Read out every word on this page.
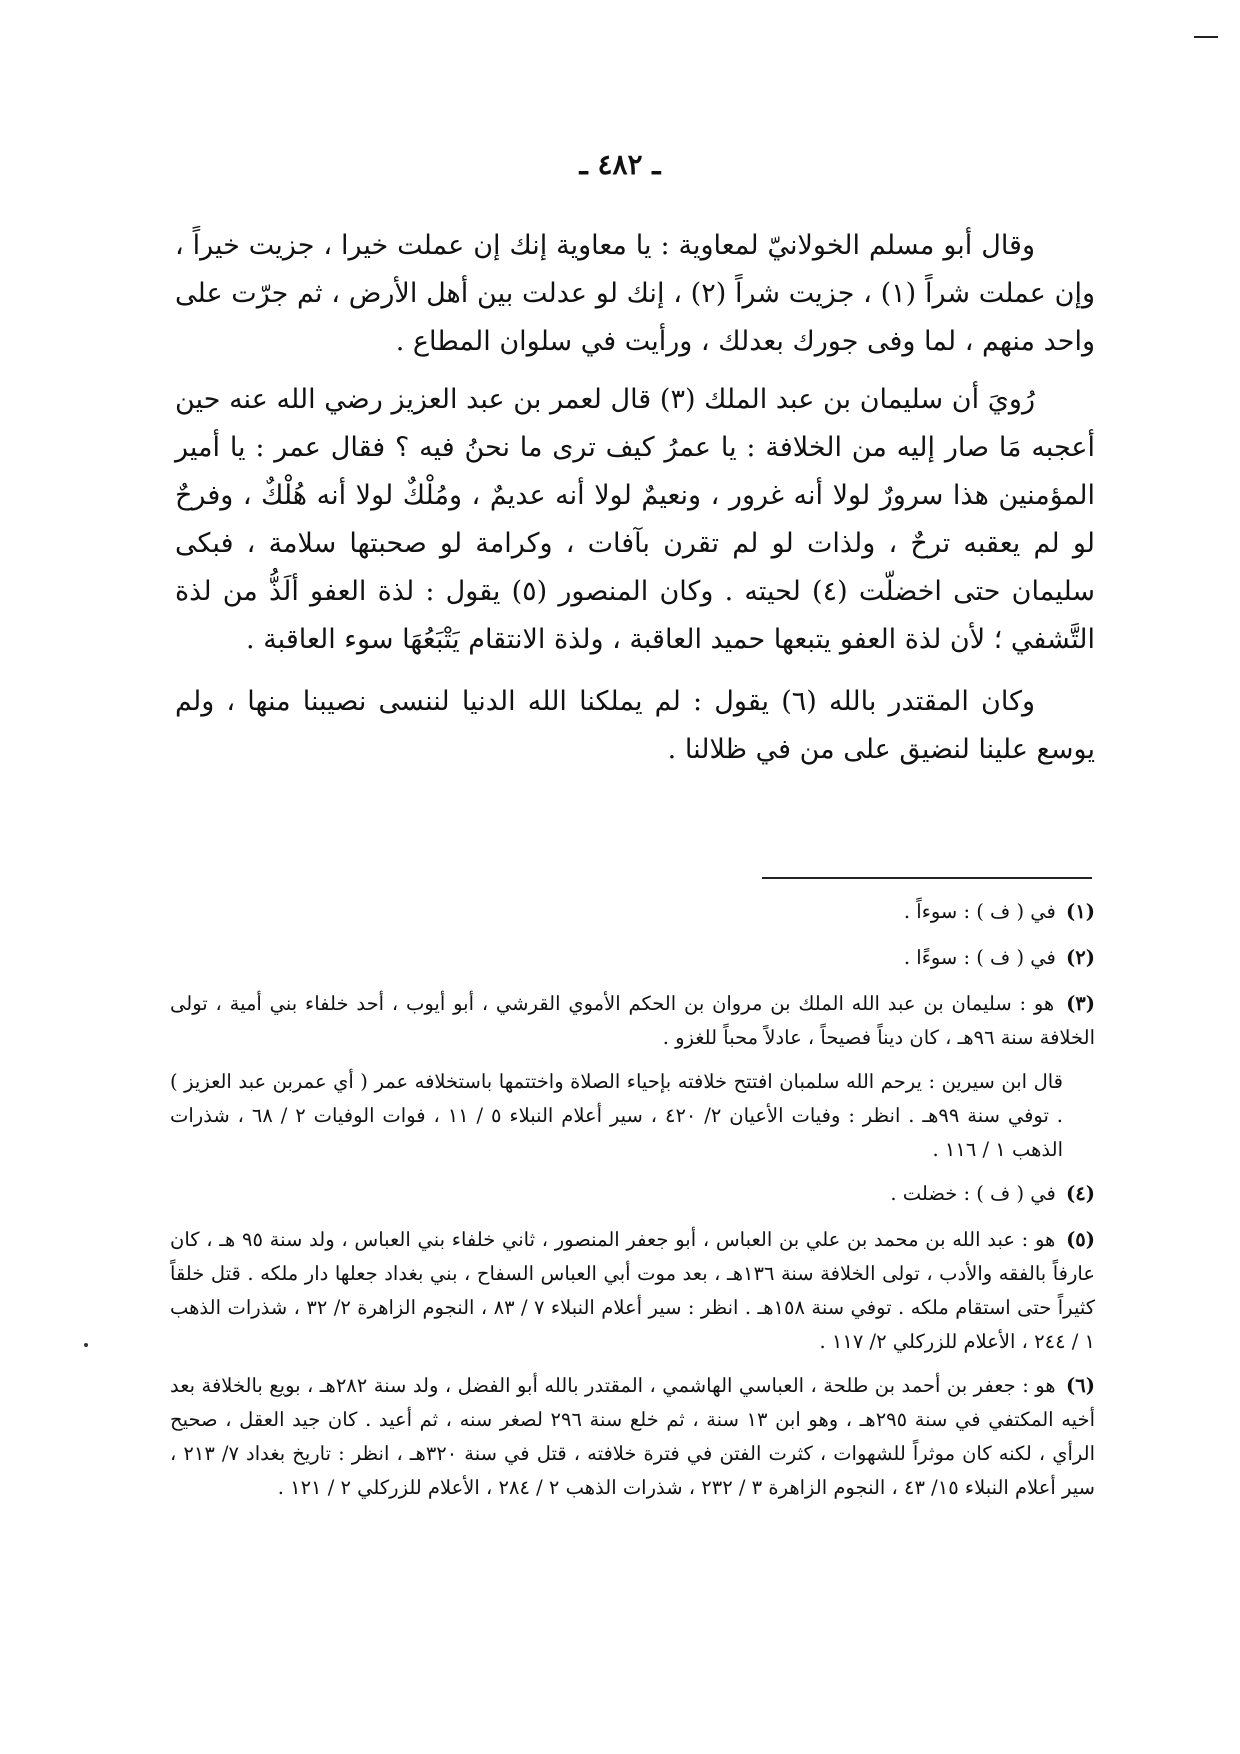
ـ ٤٨٢ ـ

وقال أبو مسلم الخولانيّ لمعاوية : يا معاوية إنك إن عملت خيرا ، جزيت خيراً ، وإن عملت شراً (١) ، جزيت شراً (٢) ، إنك لو عدلت بين أهل الأرض ، ثم جرّت على واحد منهم ، لما وفى جورك بعدلك ، ورأيت في سلوان المطاع .

رُويَ أن سليمان بن عبد الملك (٣) قال لعمر بن عبد العزيز رضي الله عنه حين أعجبه مَا صار إليه من الخلافة : يا عمرُ كيف ترى ما نحنُ فيه ؟ فقال عمر : يا أمير المؤمنين هذا سرورٌ لولا أنه غرور ، ونعيمٌ لولا أنه عديمٌ ، ومُلْكٌ لولا أنه هُلْكٌ ، وفرحٌ لو لم يعقبه ترحٌ ، ولذات لو لم تقرن بآفات ، وكرامة لو صحبتها سلامة ، فبكى سليمان حتى اخضلّت (٤) لحيته . وكان المنصور (٥) يقول : لذة العفو ألَذُّ من لذة التَّشفي ؛ لأن لذة العفو يتبعها حميد العاقبة ، ولذة الانتقام يَتْبَعُهَا سوء العاقبة .

وكان المقتدر بالله (٦) يقول : لم يملكنا الله الدنيا لننسى نصيبنا منها ، ولم يوسع علينا لنضيق على من في ظلالنا .

(١) في ( ف ) : سوءاً .
(٢) في ( ف ) : سوءًا .
(٣) هو : سليمان بن عبد الله الملك بن مروان بن الحكم الأموي القرشي ، أبو أيوب ، أحد خلفاء بني أمية ، تولى الخلافة سنة ٩٦هـ ، كان ديناً فصيحاً ، عادلاً محباً للغزو .
قال ابن سيرين : يرحم الله سلمبان افتتح خلافته بإحياء الصلاة واختتمها باستخلافه عمر ( أي عمربن عبد العزيز ) . توفي سنة ٩٩هـ . انظر : وفيات الأعيان ٢/ ٤٢٠ ، سير أعلام النبلاء ٥ / ١١ ، فوات الوفيات ٢ / ٦٨ ، شذرات الذهب ١ / ١١٦ .
(٤) في ( ف ) : خضلت .
(٥) هو : عبد الله بن محمد بن علي بن العباس ، أبو جعفر المنصور ، ثاني خلفاء بني العباس ، ولد سنة ٩٥ هـ ، كان عارفاً بالفقه والأدب ، تولى الخلافة سنة ١٣٦هـ ، بعد موت أبي العباس السفاح ، بني بغداد جعلها دار ملكه . قتل خلقاً كثيراً حتى استقام ملكه . توفي سنة ١٥٨هـ . انظر : سير أعلام النبلاء ٧ / ٨٣ ، النجوم الزاهرة ٢/ ٣٢ ، شذرات الذهب ١ / ٢٤٤ ، الأعلام للزركلي ٢/ ١١٧ .
(٦) هو : جعفر بن أحمد بن طلحة ، العباسي الهاشمي ، المقتدر بالله أبو الفضل ، ولد سنة ٢٨٢هـ ، بويع بالخلافة بعد أخيه المكتفي في سنة ٢٩٥هـ ، وهو ابن ١٣ سنة ، ثم خلع سنة ٢٩٦ لصغر سنه ، ثم أعيد . كان جيد العقل ، صحيح الرأي ، لكنه كان موثراً للشهوات ، كثرت الفتن في فترة خلافته ، قتل في سنة ٣٢٠هـ ، انظر : تاريخ بغداد ٧/ ٢١٣ ، سير أعلام النبلاء ١٥/ ٤٣ ، النجوم الزاهرة ٣ / ٢٣٢ ، شذرات الذهب ٢ / ٢٨٤ ، الأعلام للزركلي ٢ / ١٢١ .
